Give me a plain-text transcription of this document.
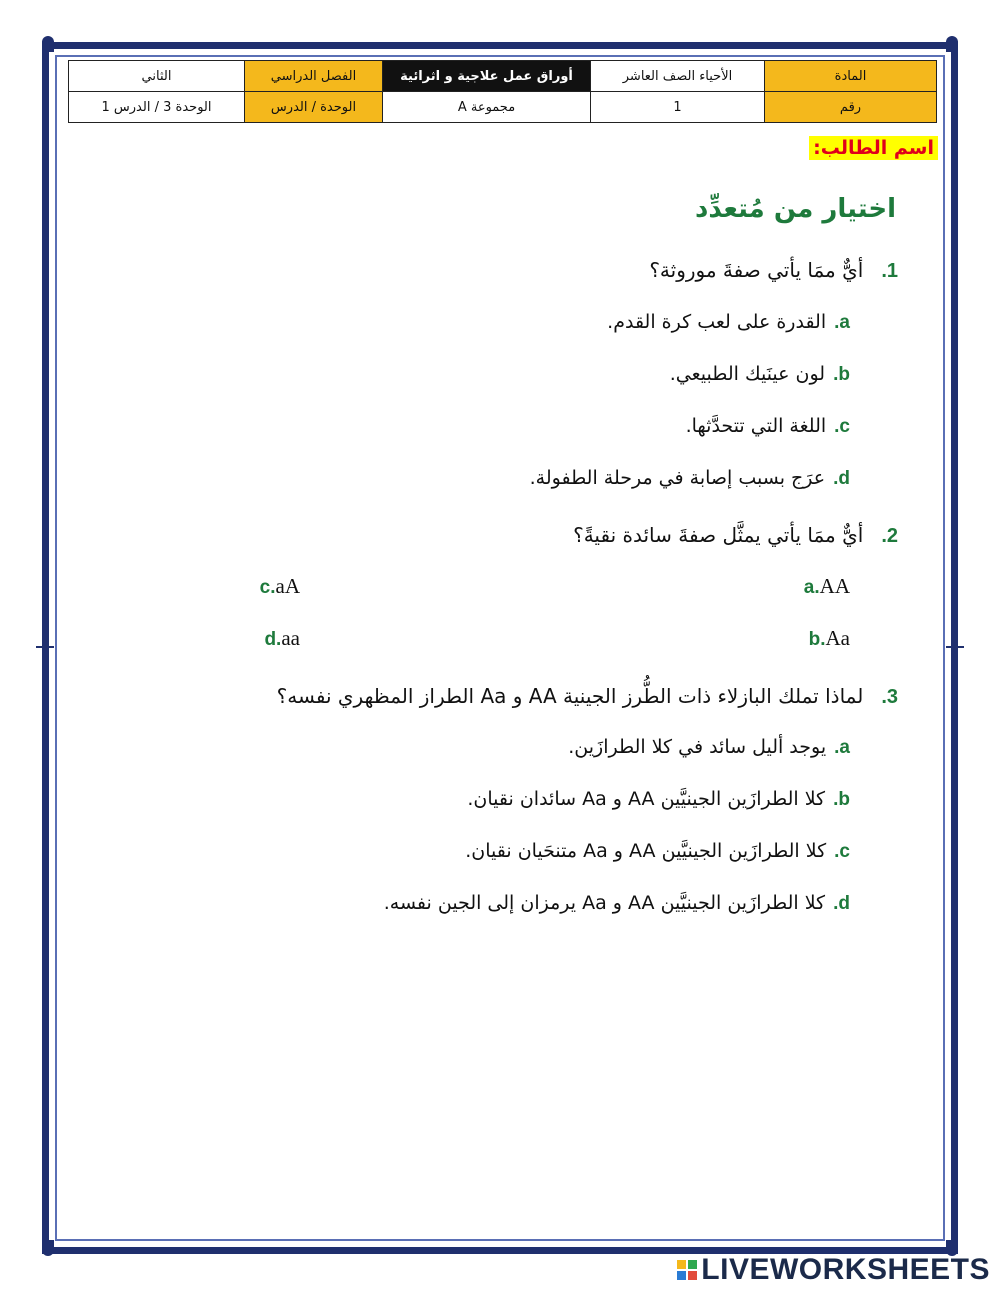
المادة	الأحياء الصف العاشر	أوراق عمل علاجية و اثرائية	الفصل الدراسي	الثاني
رقم	1	مجموعة A	الوحدة / الدرس	الوحدة 3 / الدرس 1
اسم الطالب:
اختيار من مُتعدِّد
1.أيٌّ ممَا يأتي صفةَ موروثة؟
a.القدرة على لعب كرة القدم.
b.لون عينَيك الطبيعي.
c.اللغة التي تتحدَّثها.
d.عرَج بسبب إصابة في مرحلة الطفولة.
2.أيٌّ ممَا يأتي يمثَّل صفةَ سائدة نقيةً؟
a.AA
b.Aa
c.aA
d.aa
3.لماذا تملك البازلاء ذات الطُّرز الجينية AA و Aa الطراز المظهري نفسه؟
a.يوجد أليل سائد في كلا الطرازَين.
b.كلا الطرازَين الجينيَّين AA و Aa سائدان نقيان.
c.كلا الطرازَين الجينيَّين AA و Aa متنحَيان نقيان.
d.كلا الطرازَين الجينيَّين AA و Aa يرمزان إلى الجين نفسه.
LIVEWORKSHEETS
